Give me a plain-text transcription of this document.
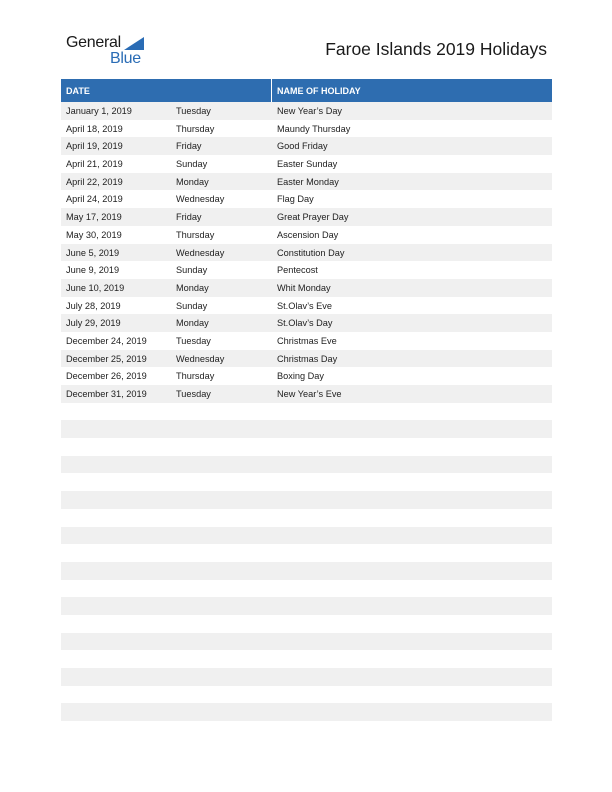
General
Blue	Faroe Islands 2019 Holidays
DATE	NAME OF HOLIDAY
January 1, 2019	Tuesday	New Year’s Day
April 18, 2019	Thursday	Maundy Thursday
April 19, 2019	Friday	Good Friday
April 21, 2019	Sunday	Easter Sunday
April 22, 2019	Monday	Easter Monday
April 24, 2019	Wednesday	Flag Day
May 17, 2019	Friday	Great Prayer Day
May 30, 2019	Thursday	Ascension Day
June 5, 2019	Wednesday	Constitution Day
June 9, 2019	Sunday	Pentecost
June 10, 2019	Monday	Whit Monday
July 28, 2019	Sunday	St.Olav’s Eve
July 29, 2019	Monday	St.Olav’s Day
December 24, 2019	Tuesday	Christmas Eve
December 25, 2019	Wednesday	Christmas Day
December 26, 2019	Thursday	Boxing Day
December 31, 2019	Tuesday	New Year’s Eve
